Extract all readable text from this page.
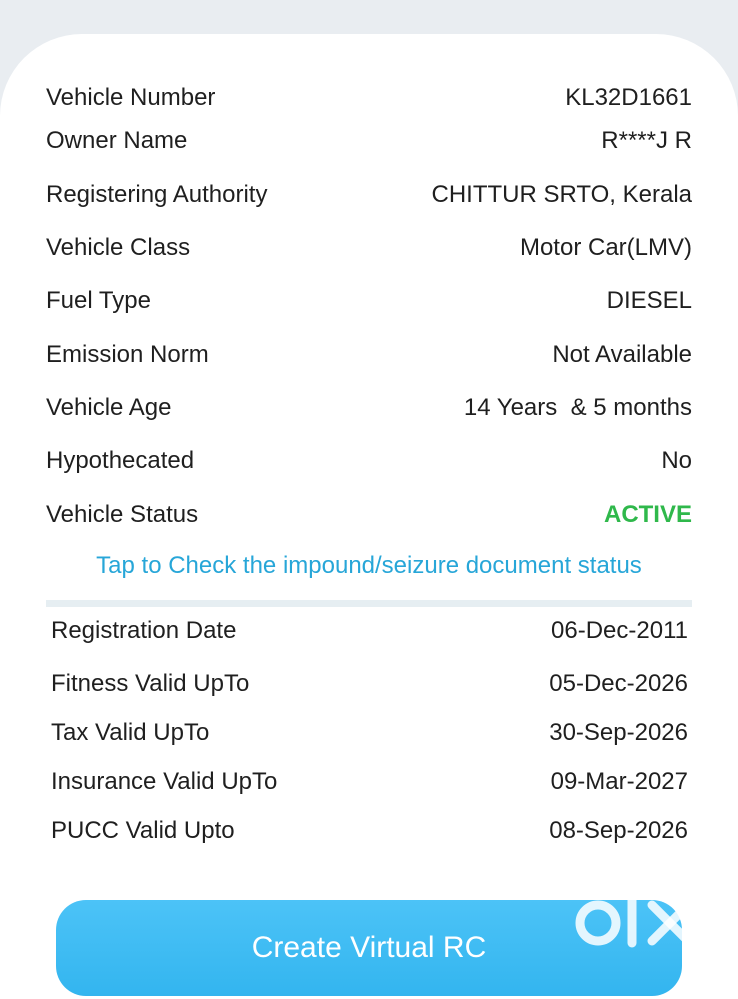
Vehicle Number	KL32D1661
Owner Name	R****J R
Registering Authority	CHITTUR SRTO, Kerala
Vehicle Class	Motor Car(LMV)
Fuel Type	DIESEL
Emission Norm	Not Available
Vehicle Age	14 Years  & 5 months
Hypothecated	No
Vehicle Status	ACTIVE
Tap to Check the impound/seizure document status
Registration Date	06-Dec-2011
Fitness Valid UpTo	05-Dec-2026
Tax Valid UpTo	30-Sep-2026
Insurance Valid UpTo	09-Mar-2027
PUCC Valid Upto	08-Sep-2026
Create Virtual RC
